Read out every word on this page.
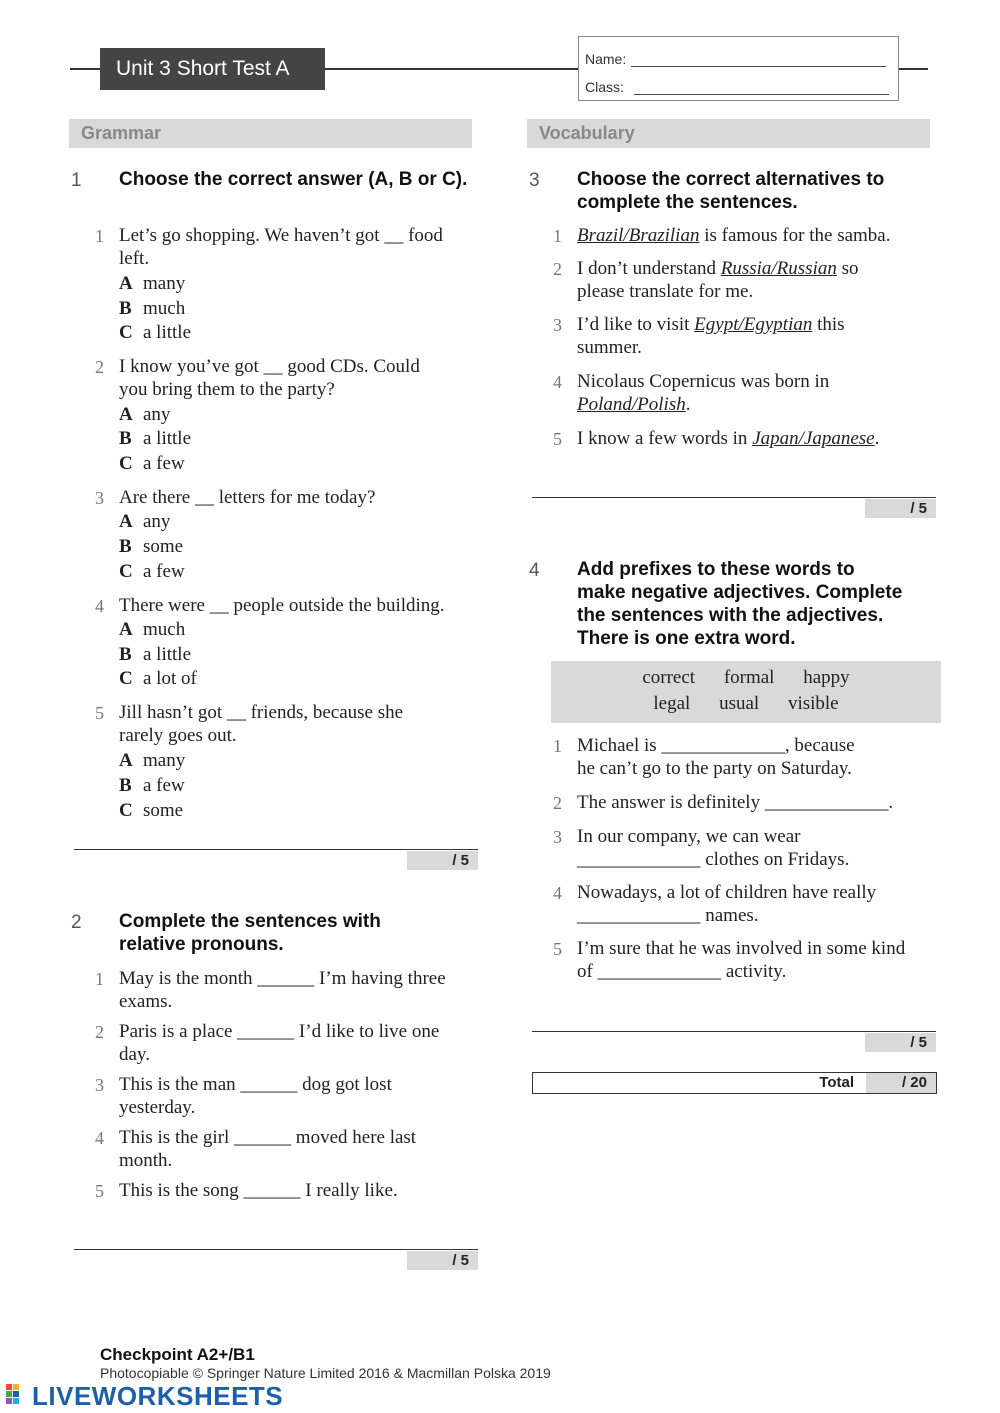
Unit 3 Short Test A	Name:
Class:
Grammar	Vocabulary
1 Choose the correct answer (A, B or C).
1 Let’s go shopping. We haven’t got __ food
left.
A many
B much
C a little
2 I know you’ve got __ good CDs. Could
you bring them to the party?
A any
B a little
C a few
3 Are there __ letters for me today?
A any
B some
C a few
4 There were __ people outside the building.
A much
B a little
C a lot of
5 Jill hasn’t got __ friends, because she
rarely goes out.
A many
B a few
C some
/ 5
2 Complete the sentences with
relative pronouns.
1 May is the month ______ I’m having three
exams.
2 Paris is a place ______ I’d like to live one
day.
3 This is the man ______ dog got lost
yesterday.
4 This is the girl ______ moved here last
month.
5 This is the song ______ I really like.
/ 5
3 Choose the correct alternatives to
complete the sentences.
1 Brazil/Brazilian is famous for the samba.
2 I don’t understand Russia/Russian so
please translate for me.
3 I’d like to visit Egypt/Egyptian this
summer.
4 Nicolaus Copernicus was born in
Poland/Polish.
5 I know a few words in Japan/Japanese.
/ 5
4 Add prefixes to these words to
make negative adjectives. Complete
the sentences with the adjectives.
There is one extra word.
correct formal happy
legal usual visible
1 Michael is _____________, because
he can’t go to the party on Saturday.
2 The answer is definitely _____________.
3 In our company, we can wear
_____________ clothes on Fridays.
4 Nowadays, a lot of children have really
_____________ names.
5 I’m sure that he was involved in some kind
of _____________ activity.
/ 5
Total	/ 20
Checkpoint A2+/B1
Photocopiable © Springer Nature Limited 2016 & Macmillan Polska 2019
LIVEWORKSHEETS
